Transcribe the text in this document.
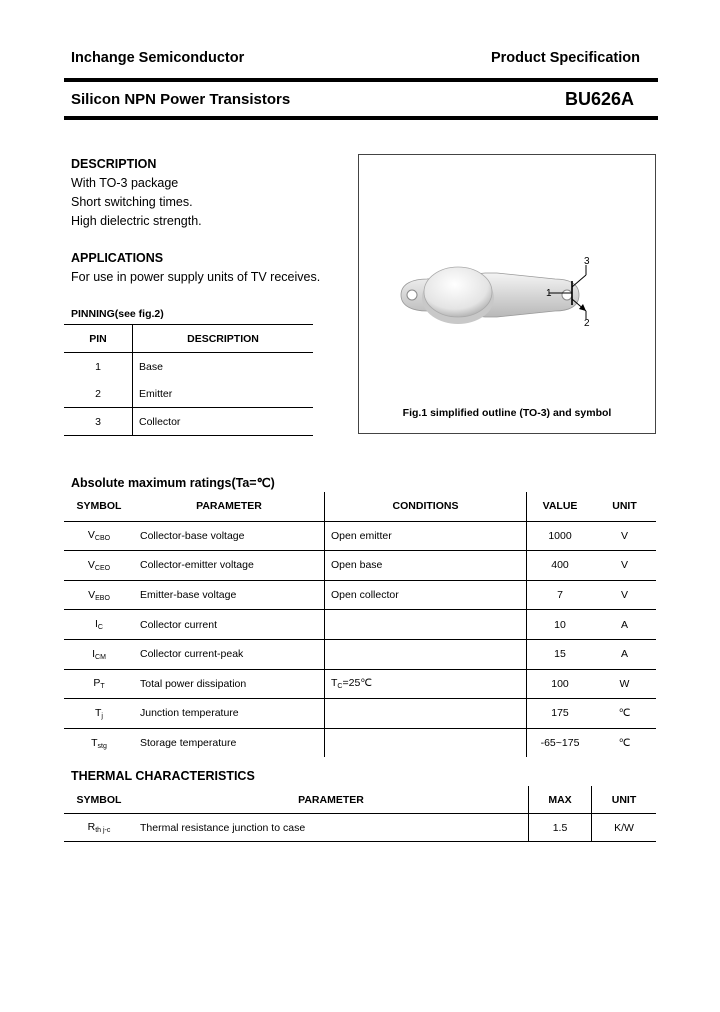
Inchange Semiconductor	Product Specification
Silicon NPN Power Transistors	BU626A
DESCRIPTION
With TO-3 package
Short switching times.
High dielectric strength.
APPLICATIONS
For use in power supply units of TV receives.
PINNING(see fig.2)
PIN	DESCRIPTION
1	Base
2	Emitter
3	Collector
3
1
2
Fig.1 simplified outline (TO-3) and symbol
Absolute maximum ratings(Ta=℃)
SYMBOL	PARAMETER	CONDITIONS	VALUE	UNIT
$V_{CBO}$	Collector-base voltage	Open emitter	1000	V
$V_{CEO}$	Collector-emitter voltage	Open base	400	V
$V_{EBO}$	Emitter-base voltage	Open collector	7	V
$I_C$	Collector current		10	A
$I_{CM}$	Collector current-peak		15	A
$P_T$	Total power dissipation	$T_C=25℃$	100	W
$T_j$	Junction temperature		175	℃
$T_{stg}$	Storage temperature		-65~175	℃
THERMAL CHARACTERISTICS
SYMBOL	PARAMETER	MAX	UNIT
$R_{th j-c}$	Thermal resistance junction to case	1.5	K/W
